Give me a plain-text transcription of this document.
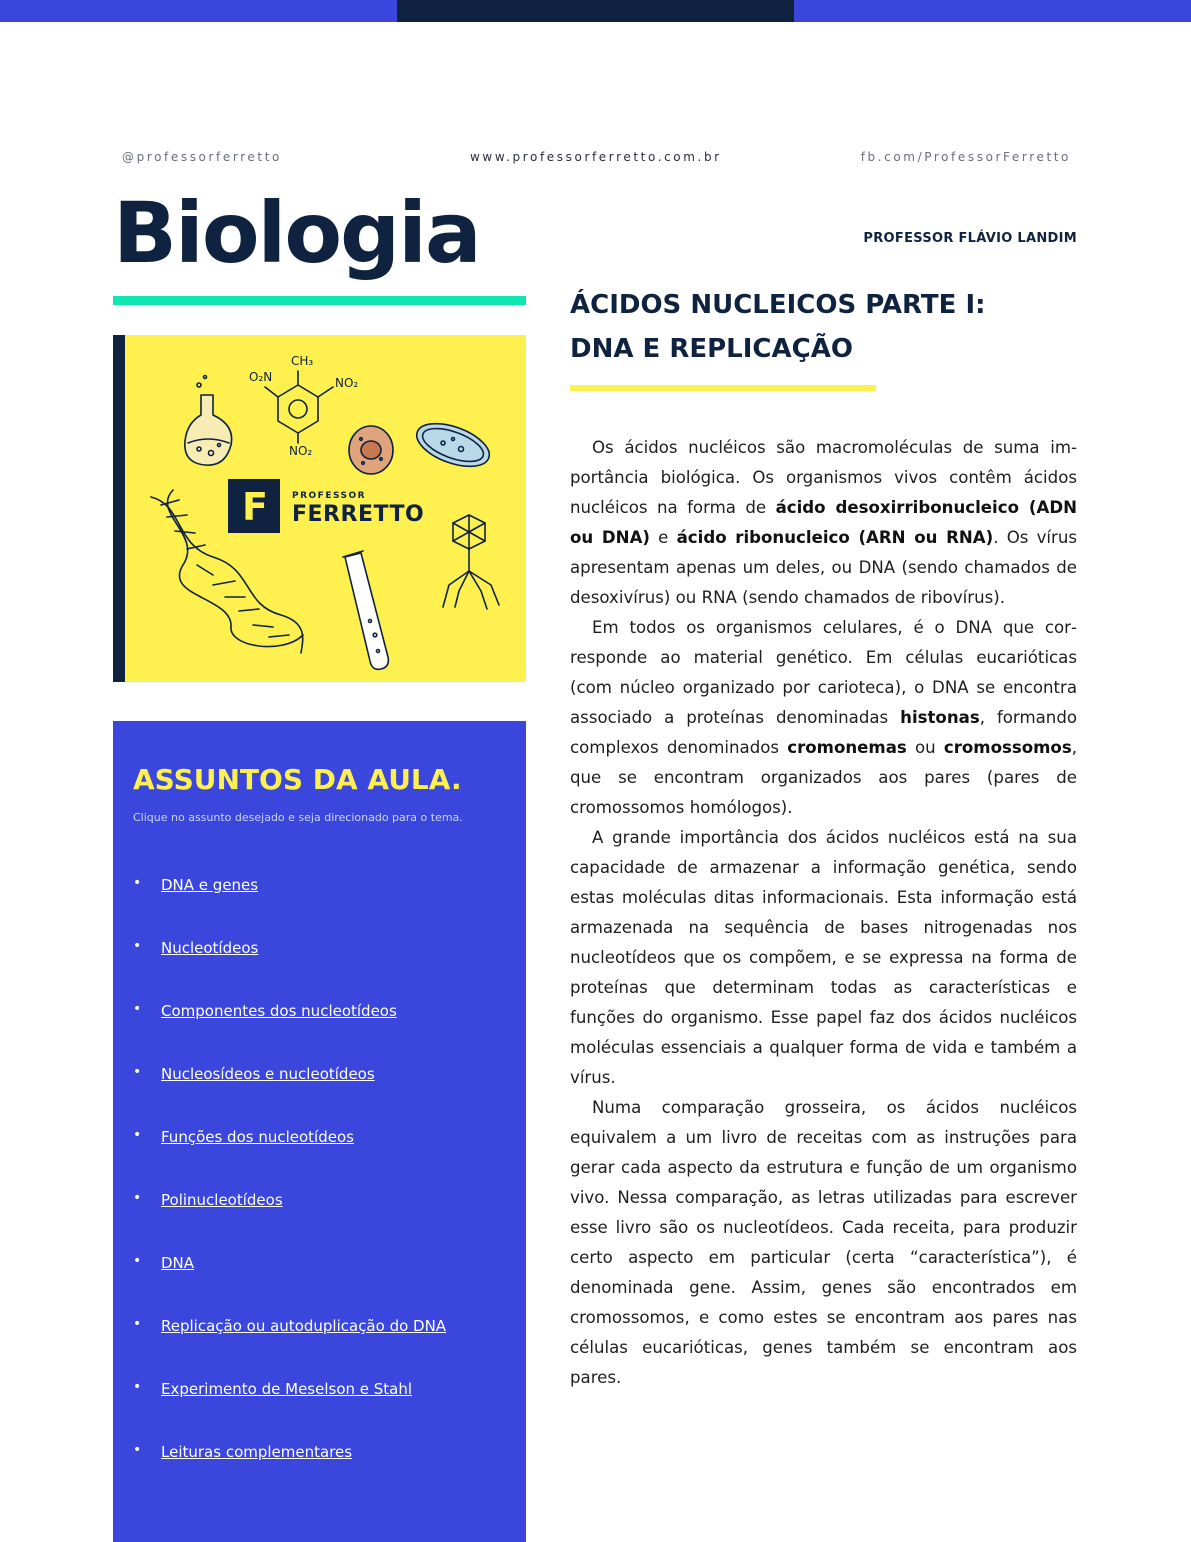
@professorferretto	www.professorferretto.com.br	fb.com/ProfessorFerretto
Biologia	PROFESSOR FLÁVIO LANDIM
CH₃
NO₂
O₂N
NO₂
F	PROFESSOR
FERRETTO
ASSUNTOS DA AULA.
Clique no assunto desejado e seja direcionado para o tema.
• DNA e genes
• Nucleotídeos
• Componentes dos nucleotídeos
• Nucleosídeos e nucleotídeos
• Funções dos nucleotídeos
• Polinucleotídeos
• DNA
• Replicação ou autoduplicação do DNA
• Experimento de Meselson e Stahl
• Leituras complementares
ÁCIDOS NUCLEICOS PARTE I:
DNA E REPLICAÇÃO

Os ácidos nucléicos são macromoléculas de suma importância biológica. Os organismos vivos contêm ácidos nucléicos na forma de ácido desoxirribonucleico (ADN ou DNA) e ácido ribonucleico (ARN ou RNA). Os vírus apresentam apenas um deles, ou DNA (sendo chamados de desoxivírus) ou RNA (sendo chamados de ribovírus).

Em todos os organismos celulares, é o DNA que corresponde ao material genético. Em células eucarióticas (com núcleo organizado por carioteca), o DNA se encontra associado a proteínas denominadas histonas, formando complexos denominados cromonemas ou cromossomos, que se encontram organizados aos pares (pares de cromossomos homólogos).

A grande importância dos ácidos nucléicos está na sua capacidade de armazenar a informação genética, sendo estas moléculas ditas informacionais. Esta informação está armazenada na sequência de bases nitrogenadas nos nucleotídeos que os compõem, e se expressa na forma de proteínas que determinam todas as características e funções do organismo. Esse papel faz dos ácidos nucléicos moléculas essenciais a qualquer forma de vida e também a vírus.

Numa comparação grosseira, os ácidos nucléicos equivalem a um livro de receitas com as instruções para gerar cada aspecto da estrutura e função de um organismo vivo. Nessa comparação, as letras utilizadas para escrever esse livro são os nucleotídeos. Cada receita, para produzir certo aspecto em particular (certa “característica”), é denominada gene. Assim, genes são encontrados em cromossomos, e como estes se encontram aos pares nas células eucarióticas, genes também se encontram aos pares.
